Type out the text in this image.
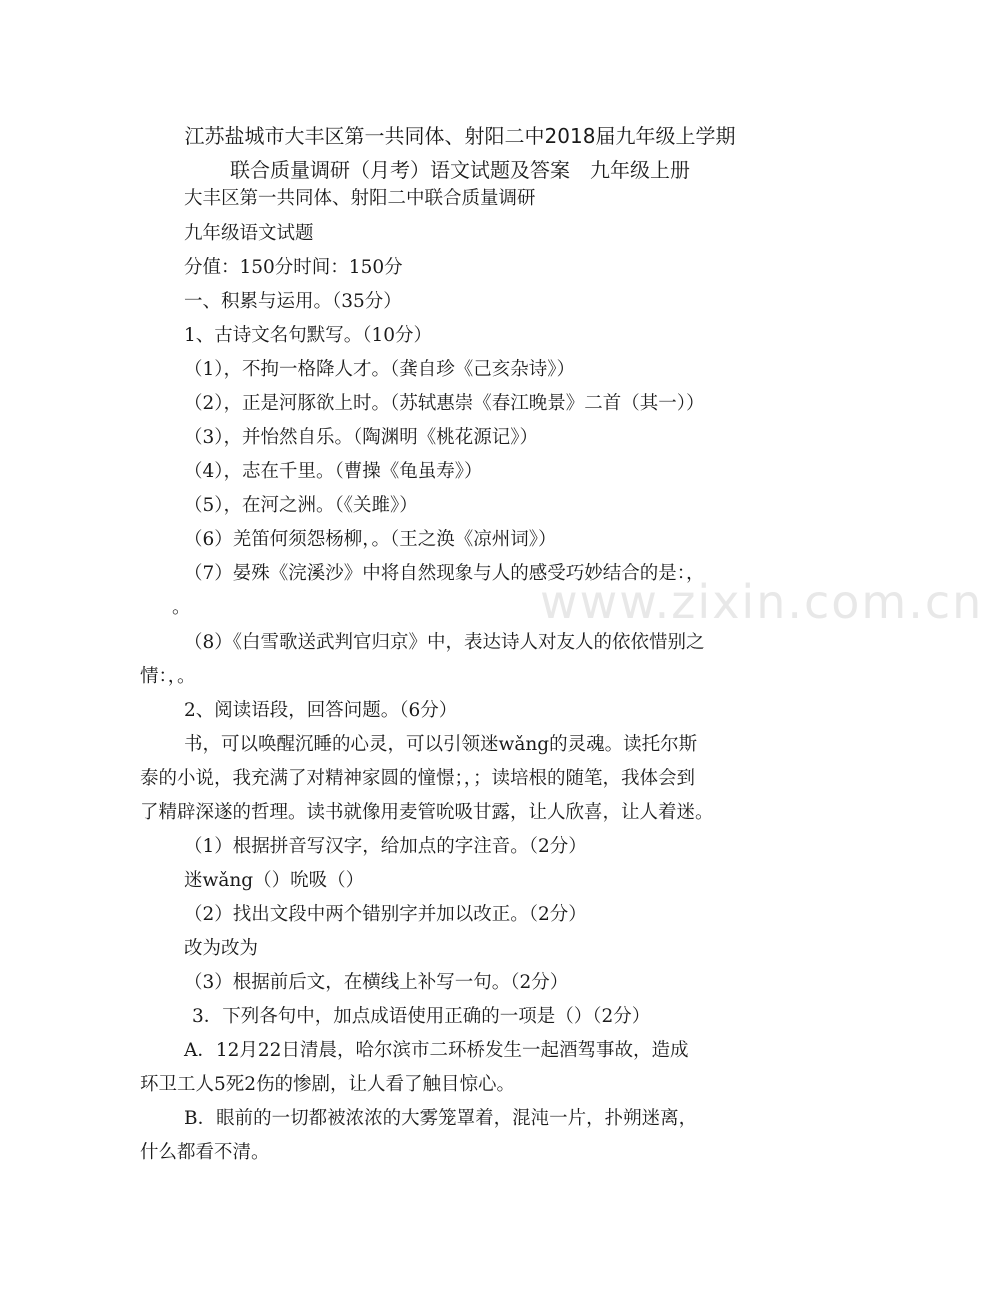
www.zixin.com.cn
江苏盐城市大丰区第一共同体、射阳二中2018届九年级上学期
联合质量调研（月考）语文试题及答案　九年级上册
大丰区第一共同体、射阳二中联合质量调研
九年级语文试题
分值：150分时间：150分
一、积累与运用。（35分）
1、古诗文名句默写。（10分）
（1），不拘一格降人才。（龚自珍《己亥杂诗》）
（2），正是河豚欲上时。（苏轼惠崇《春江晚景》二首（其一））
（3），并怡然自乐。（陶渊明《桃花源记》）
（4），志在千里。（曹操《龟虽寿》）
（5），在河之洲。（《关雎》）
（6）羌笛何须怨杨柳，。（王之涣《凉州词》）
（7）晏殊《浣溪沙》中将自然现象与人的感受巧妙结合的是：，
。
（8）《白雪歌送武判官归京》中，表达诗人对友人的依依惜别之
情：，。
2、阅读语段，回答问题。（6分）
书，可以唤醒沉睡的心灵，可以引领迷wǎng的灵魂。读托尔斯
泰的小说，我充满了对精神家圆的憧憬；，；读培根的随笔，我体会到
了精辟深遂的哲理。读书就像用麦管吮吸甘露，让人欣喜，让人着迷。
（1）根据拼音写汉字，给加点的字注音。（2分）
迷wǎng（）吮吸（）
（2）找出文段中两个错别字并加以改正。（2分）
改为改为
（3）根据前后文，在横线上补写一句。（2分）
3．下列各句中，加点成语使用正确的一项是（）（2分）
A．12月22日清晨，哈尔滨市二环桥发生一起酒驾事故，造成
环卫工人5死2伤的惨剧，让人看了触目惊心。
B．眼前的一切都被浓浓的大雾笼罩着，混沌一片，扑朔迷离，
什么都看不清。
